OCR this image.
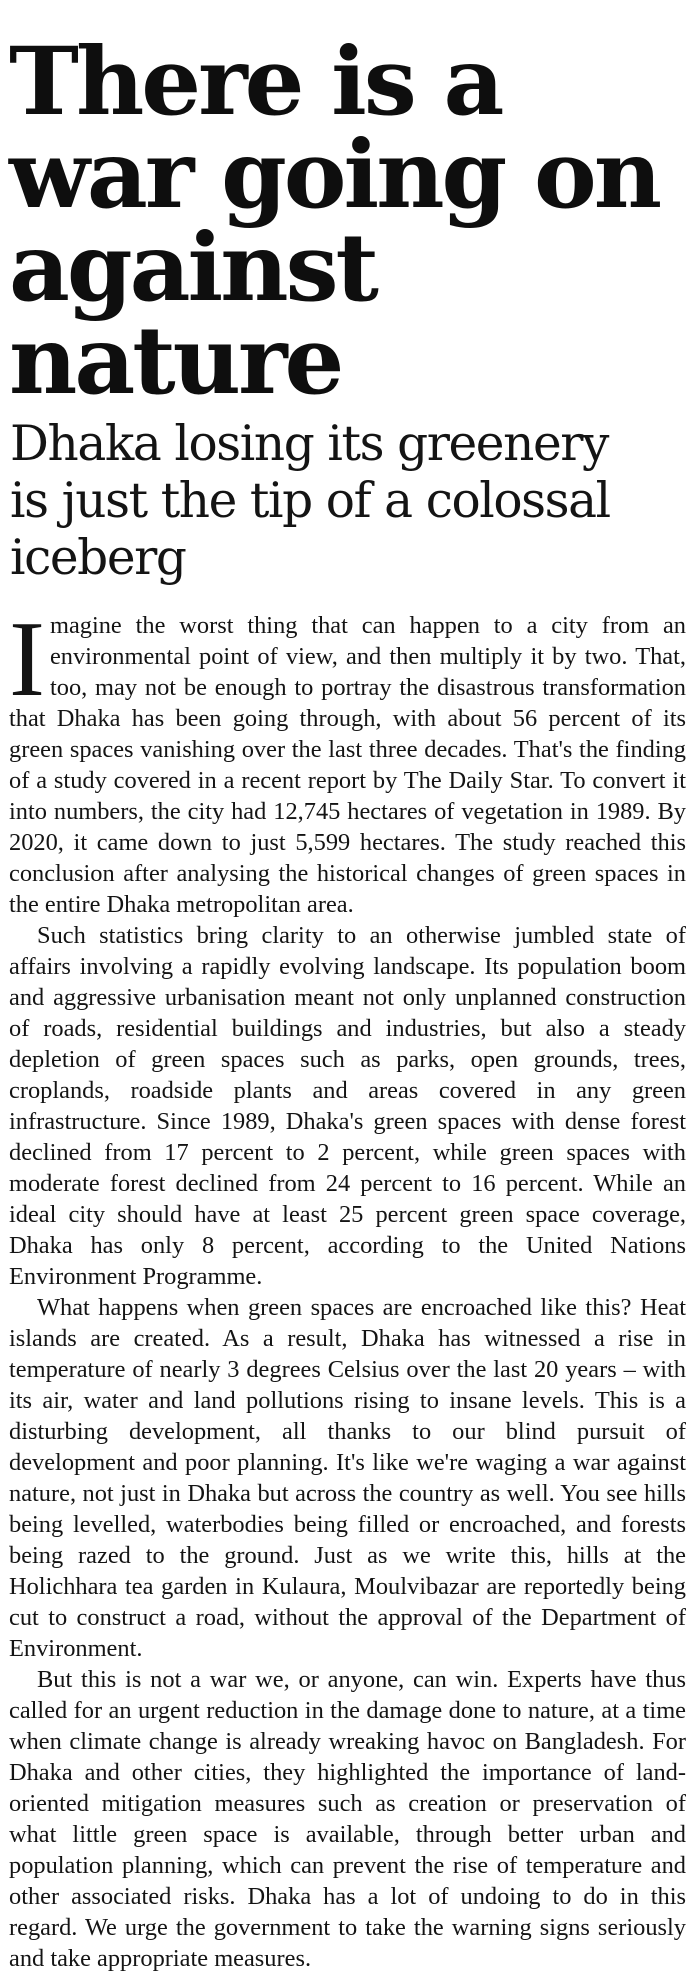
There is a
war going on
against nature
Dhaka losing its greenery
is just the tip of a colossal
iceberg

Imagine the worst thing that can happen to a city from an environmental point of view, and then multiply it by two. That, too, may not be enough to portray the disastrous transformation that Dhaka has been going through, with about 56 percent of its green spaces vanishing over the last three decades. That's the finding of a study covered in a recent report by The Daily Star. To convert it into numbers, the city had 12,745 hectares of vegetation in 1989. By 2020, it came down to just 5,599 hectares. The study reached this conclusion after analysing the historical changes of green spaces in the entire Dhaka metropolitan area.

Such statistics bring clarity to an otherwise jumbled state of affairs involving a rapidly evolving landscape. Its population boom and aggressive urbanisation meant not only unplanned construction of roads, residential buildings and industries, but also a steady depletion of green spaces such as parks, open grounds, trees, croplands, roadside plants and areas covered in any green infrastructure. Since 1989, Dhaka's green spaces with dense forest declined from 17 percent to 2 percent, while green spaces with moderate forest declined from 24 percent to 16 percent. While an ideal city should have at least 25 percent green space coverage, Dhaka has only 8 percent, according to the United Nations Environment Programme.

What happens when green spaces are encroached like this? Heat islands are created. As a result, Dhaka has witnessed a rise in temperature of nearly 3 degrees Celsius over the last 20 years – with its air, water and land pollutions rising to insane levels. This is a disturbing development, all thanks to our blind pursuit of development and poor planning. It's like we're waging a war against nature, not just in Dhaka but across the country as well. You see hills being levelled, waterbodies being filled or encroached, and forests being razed to the ground. Just as we write this, hills at the Holichhara tea garden in Kulaura, Moulvibazar are reportedly being cut to construct a road, without the approval of the Department of Environment.

But this is not a war we, or anyone, can win. Experts have thus called for an urgent reduction in the damage done to nature, at a time when climate change is already wreaking havoc on Bangladesh. For Dhaka and other cities, they highlighted the importance of land-oriented mitigation measures such as creation or preservation of what little green space is available, through better urban and population planning, which can prevent the rise of temperature and other associated risks. Dhaka has a lot of undoing to do in this regard. We urge the government to take the warning signs seriously and take appropriate measures.
